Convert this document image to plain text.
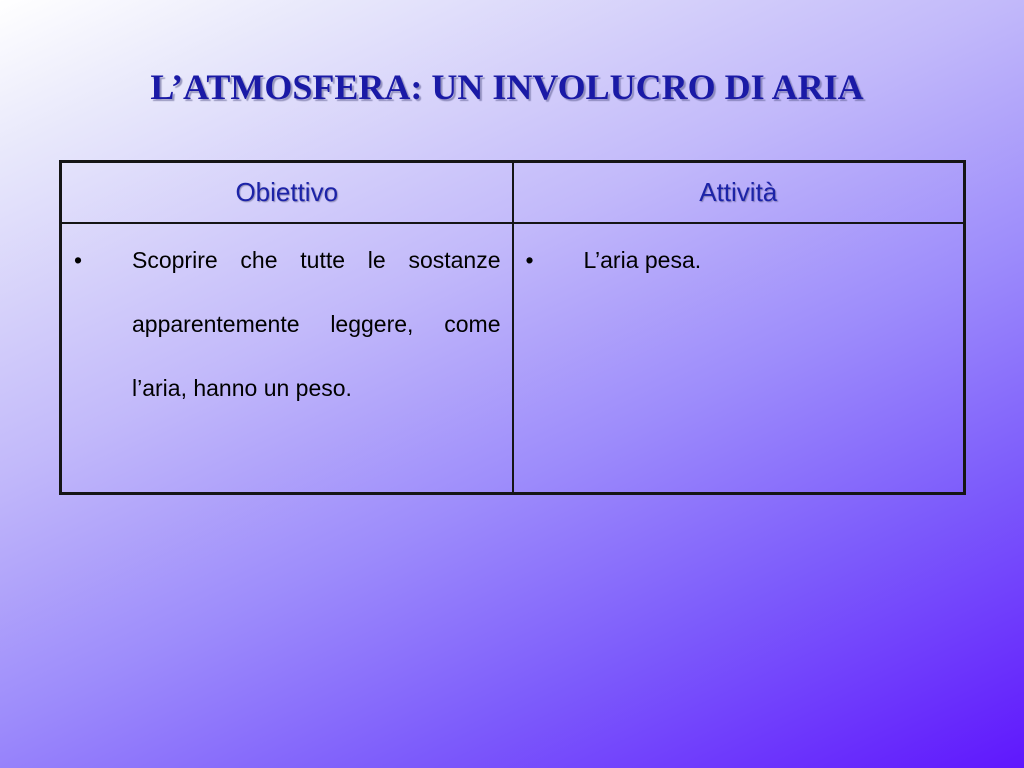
L’ATMOSFERA: UN INVOLUCRO DI ARIA
Obiettivo	Attività

• Scoprire che tutte le sostanze apparentemente leggere, come l’aria, hanno un peso.	• L’aria pesa.
